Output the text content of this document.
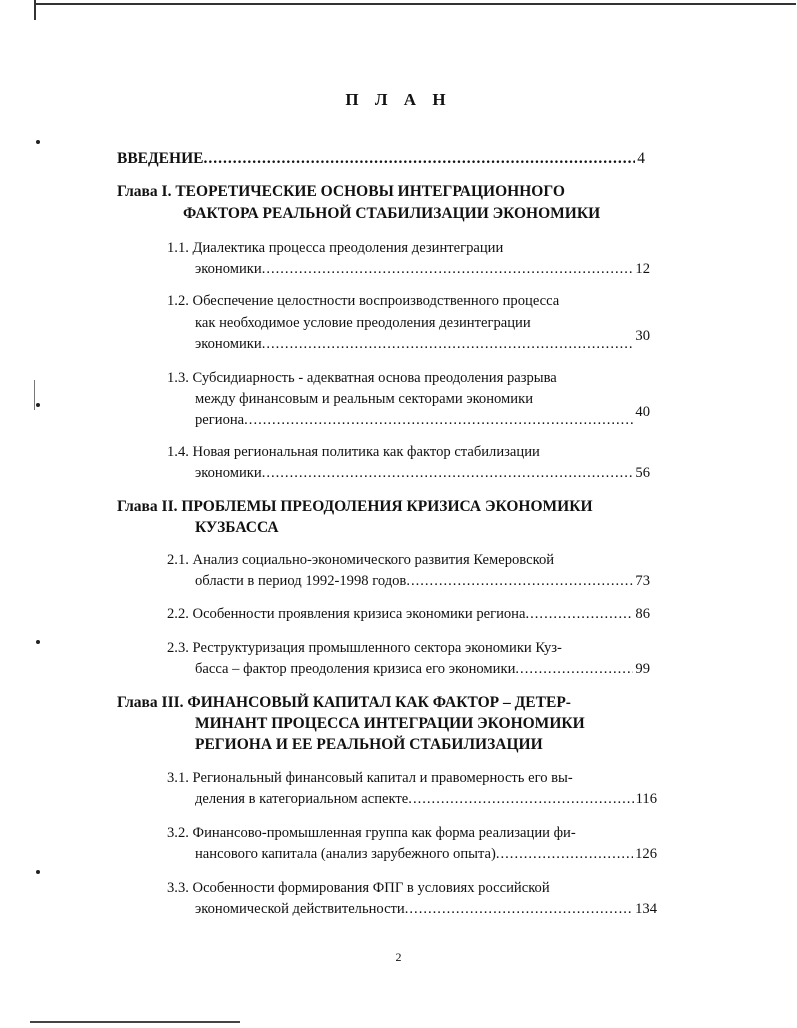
П Л А Н
ВВЕДЕНИЕ .....	4
Глава I. ТЕОРЕТИЧЕСКИЕ ОСНОВЫ ИНТЕГРАЦИОННОГО
ФАКТОРА РЕАЛЬНОЙ СТАБИЛИЗАЦИИ ЭКОНОМИКИ
1.1. Диалектика процесса преодоления дезинтеграции
экономики .....	12
1.2. Обеспечение целостности воспроизводственного процесса
как необходимое условие преодоления дезинтеграции
экономики .....	30
1.3. Субсидиарность - адекватная основа преодоления разрыва
между финансовым и реальным секторами экономики
региона .....	40
1.4. Новая региональная политика как фактор стабилизации
экономики .....	56
Глава II. ПРОБЛЕМЫ ПРЕОДОЛЕНИЯ КРИЗИСА ЭКОНОМИКИ
КУЗБАССА
2.1. Анализ социально-экономического развития Кемеровской
области в период 1992-1998 годов .....	73
2.2. Особенности проявления кризиса экономики региона .....	86
2.3. Реструктуризация промышленного сектора экономики Куз-
басса – фактор преодоления кризиса его экономики .....	99
Глава III. ФИНАНСОВЫЙ КАПИТАЛ КАК ФАКТОР – ДЕТЕР-
МИНАНТ ПРОЦЕССА ИНТЕГРАЦИИ ЭКОНОМИКИ
РЕГИОНА И ЕЕ РЕАЛЬНОЙ СТАБИЛИЗАЦИИ
3.1. Региональный финансовый капитал и правомерность его вы-
деления в категориальном аспекте .....	116
3.2. Финансово-промышленная группа как форма реализации фи-
нансового капитала (анализ зарубежного опыта) .....	126
3.3. Особенности формирования ФПГ в условиях российской
экономической действительности .....	134
2
